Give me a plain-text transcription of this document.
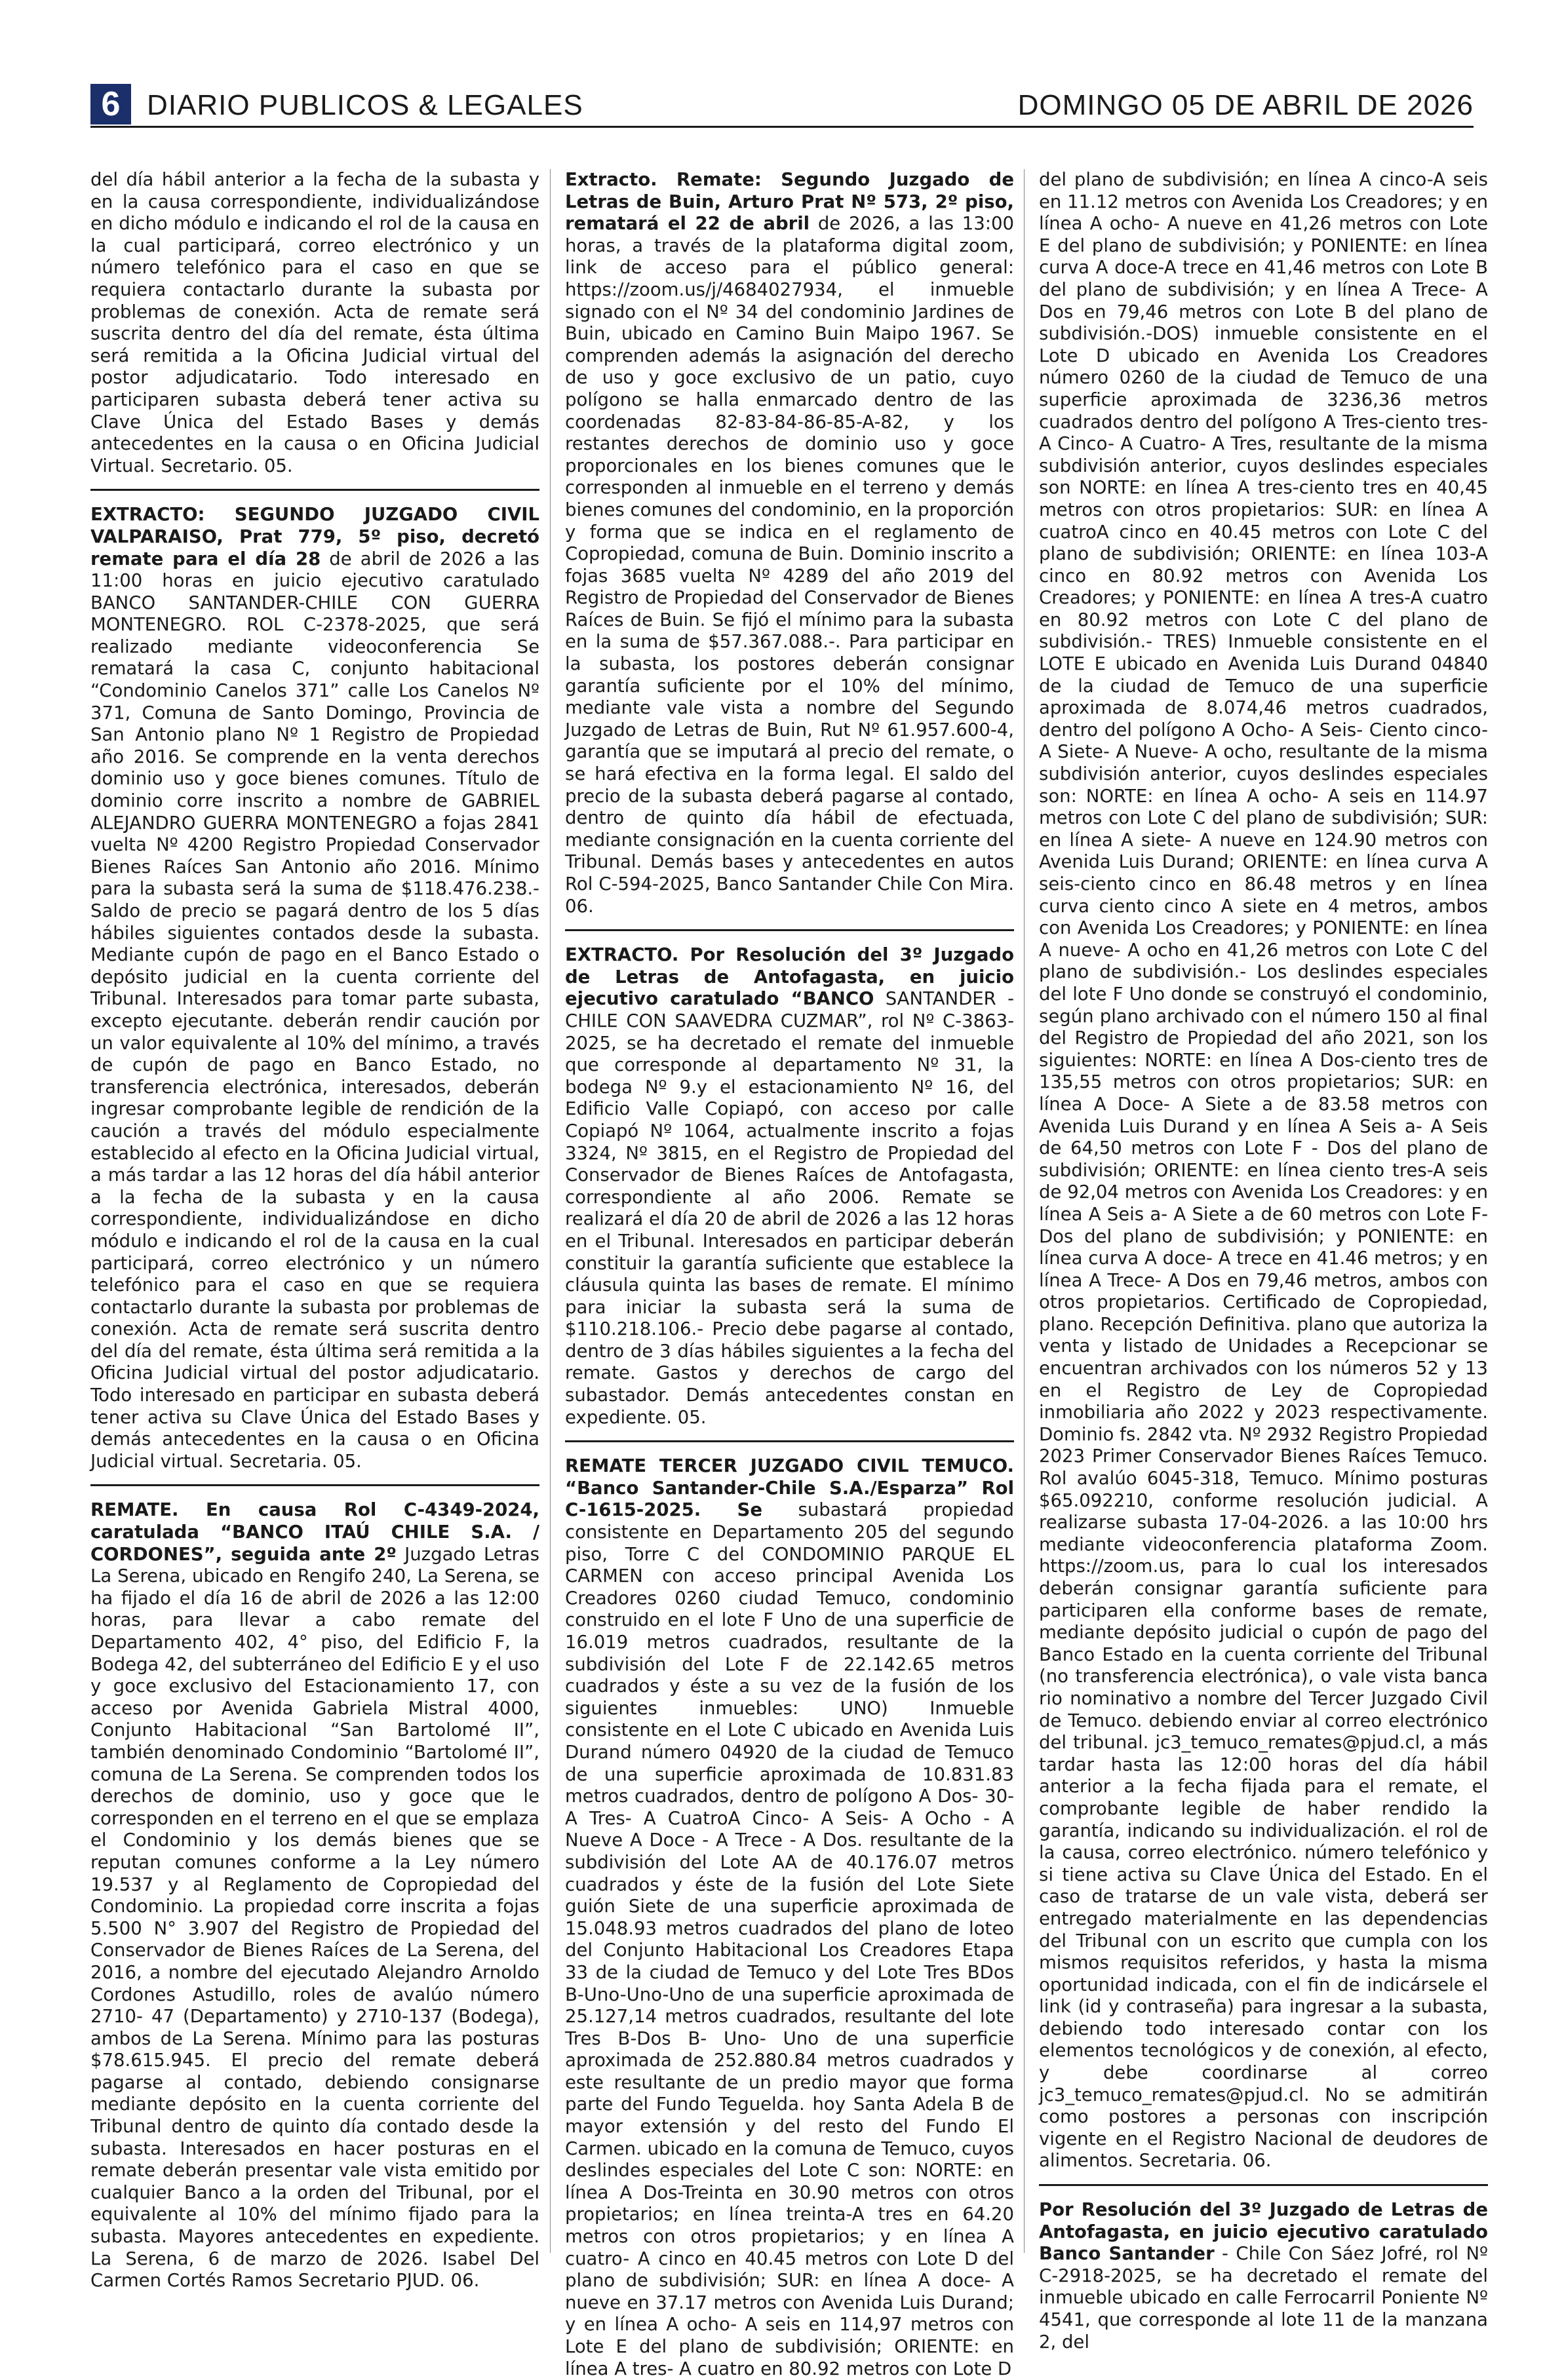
6 DIARIO PUBLICOS & LEGALES	DOMINGO 05 DE ABRIL DE 2026

del día hábil anterior a la fecha de la subasta y en la causa correspondiente, individualizándose en dicho módulo e indicando el rol de la causa en la cual participará, correo electrónico y un número telefónico para el caso en que se requiera contactarlo durante la subasta por problemas de conexión. Acta de remate será suscrita dentro del día del remate, ésta última será remitida a la Oficina Judicial virtual del postor adjudicatario. Todo interesado en participaren subasta deberá tener activa su Clave Única del Estado Bases y demás antecedentes en la causa o en Oficina Judicial Virtual. Secretario. 05.

EXTRACTO: SEGUNDO JUZGADO CIVIL VALPARAISO, Prat 779, 5º piso, decretó remate para el día 28 de abril de 2026 a las 11:00 horas en juicio ejecutivo caratulado BANCO SANTANDER-CHILE CON GUERRA MONTENEGRO. ROL C-2378-2025, que será realizado mediante videoconferencia Se rematará la casa C, conjunto habitacional “Condominio Canelos 371” calle Los Canelos Nº 371, Comuna de Santo Domingo, Provincia de San Antonio plano Nº 1 Registro de Propiedad año 2016. Se comprende en la venta derechos dominio uso y goce bienes comunes. Título de dominio corre inscrito a nombre de GABRIEL ALEJANDRO GUERRA MONTENEGRO a fojas 2841 vuelta Nº 4200 Registro Propiedad Conservador Bienes Raíces San Antonio año 2016. Mínimo para la subasta será la suma de $118.476.238.- Saldo de precio se pagará dentro de los 5 días hábiles siguientes contados desde la subasta. Mediante cupón de pago en el Banco Estado o depósito judicial en la cuenta corriente del Tribunal. Interesados para tomar parte subasta, excepto ejecutante. deberán rendir caución por un valor equivalente al 10% del mínimo, a través de cupón de pago en Banco Estado, no transferencia electrónica, interesados, deberán ingresar comprobante legible de rendición de la caución a través del módulo especialmente establecido al efecto en la Oficina Judicial virtual, a más tardar a las 12 horas del día hábil anterior a la fecha de la subasta y en la causa correspondiente, individualizándose en dicho módulo e indicando el rol de la causa en la cual participará, correo electrónico y un número telefónico para el caso en que se requiera contactarlo durante la subasta por problemas de conexión. Acta de remate será suscrita dentro del día del remate, ésta última será remitida a la Oficina Judicial virtual del postor adjudicatario. Todo interesado en participar en subasta deberá tener activa su Clave Única del Estado Bases y demás antecedentes en la causa o en Oficina Judicial virtual. Secretaria. 05.

REMATE. En causa Rol C-4349-2024, caratulada “BANCO ITAÚ CHILE S.A. / CORDONES”, seguida ante 2º Juzgado Letras La Serena, ubicado en Rengifo 240, La Serena, se ha fijado el día 16 de abril de 2026 a las 12:00 horas, para llevar a cabo remate del Departamento 402, 4° piso, del Edificio F, la Bodega 42, del subterráneo del Edificio E y el uso y goce exclusivo del Estacionamiento 17, con acceso por Avenida Gabriela Mistral 4000, Conjunto Habitacional “San Bartolomé II”, también denominado Condominio “Bartolomé II”, comuna de La Serena. Se comprenden todos los derechos de dominio, uso y goce que le corresponden en el terreno en el que se emplaza el Condominio y los demás bienes que se reputan comunes conforme a la Ley número 19.537 y al Reglamento de Copropiedad del Condominio. La propiedad corre inscrita a fojas 5.500 N° 3.907 del Registro de Propiedad del Conservador de Bienes Raíces de La Serena, del 2016, a nombre del ejecutado Alejandro Arnoldo Cordones Astudillo, roles de avalúo número 2710- 47 (Departamento) y 2710-137 (Bodega), ambos de La Serena. Mínimo para las posturas $78.615.945. El precio del remate deberá pagarse al contado, debiendo consignarse mediante depósito en la cuenta corriente del Tribunal dentro de quinto día contado desde la subasta. Interesados en hacer posturas en el remate deberán presentar vale vista emitido por cualquier Banco a la orden del Tribunal, por el equivalente al 10% del mínimo fijado para la subasta. Mayores antecedentes en expediente. La Serena, 6 de marzo de 2026. Isabel Del Carmen Cortés Ramos Secretario PJUD. 06.

Extracto. Remate: Segundo Juzgado de Letras de Buin, Arturo Prat Nº 573, 2º piso, rematará el 22 de abril de 2026, a las 13:00 horas, a través de la plataforma digital zoom, link de acceso para el público general: https://zoom.us/j/4684027934, el inmueble signado con el Nº 34 del condominio Jardines de Buin, ubicado en Camino Buin Maipo 1967. Se comprenden además la asignación del derecho de uso y goce exclusivo de un patio, cuyo polígono se halla enmarcado dentro de las coordenadas 82-83-84-86-85-A-82, y los restantes derechos de dominio uso y goce proporcionales en los bienes comunes que le corresponden al inmueble en el terreno y demás bienes comunes del condominio, en la proporción y forma que se indica en el reglamento de Copropiedad, comuna de Buin. Dominio inscrito a fojas 3685 vuelta Nº 4289 del año 2019 del Registro de Propiedad del Conservador de Bienes Raíces de Buin. Se fijó el mínimo para la subasta en la suma de $57.367.088.-. Para participar en la subasta, los postores deberán consignar garantía suficiente por el 10% del mínimo, mediante vale vista a nombre del Segundo Juzgado de Letras de Buin, Rut Nº 61.957.600-4, garantía que se imputará al precio del remate, o se hará efectiva en la forma legal. El saldo del precio de la subasta deberá pagarse al contado, dentro de quinto día hábil de efectuada, mediante consignación en la cuenta corriente del Tribunal. Demás bases y antecedentes en autos Rol C-594-2025, Banco Santander Chile Con Mira. 06.

EXTRACTO. Por Resolución del 3º Juzgado de Letras de Antofagasta, en juicio ejecutivo caratulado “BANCO SANTANDER -CHILE CON SAAVEDRA CUZMAR”, rol Nº C-3863-2025, se ha decretado el remate del inmueble que corresponde al departamento Nº 31, la bodega Nº 9.y el estacionamiento Nº 16, del Edificio Valle Copiapó, con acceso por calle Copiapó Nº 1064, actualmente inscrito a fojas 3324, Nº 3815, en el Registro de Propiedad del Conservador de Bienes Raíces de Antofagasta, correspondiente al año 2006. Remate se realizará el día 20 de abril de 2026 a las 12 horas en el Tribunal. Interesados en participar deberán constituir la garantía suficiente que establece la cláusula quinta las bases de remate. El mínimo para iniciar la subasta será la suma de $110.218.106.- Precio debe pagarse al contado, dentro de 3 días hábiles siguientes a la fecha del remate. Gastos y derechos de cargo del subastador. Demás antecedentes constan en expediente. 05.

REMATE TERCER JUZGADO CIVIL TEMUCO. “Banco Santander-Chile S.A./Esparza” Rol C-1615-2025. Se subastará propiedad consistente en Departamento 205 del segundo piso, Torre C del CONDOMINIO PARQUE EL CARMEN con acceso principal Avenida Los Creadores 0260 ciudad Temuco, condominio construido en el lote F Uno de una superficie de 16.019 metros cuadrados, resultante de la subdivisión del Lote F de 22.142.65 metros cuadrados y éste a su vez de la fusión de los siguientes inmuebles: UNO) Inmueble consistente en el Lote C ubicado en Avenida Luis Durand número 04920 de la ciudad de Temuco de una superficie aproximada de 10.831.83 metros cuadrados, dentro de polígono A Dos- 30- A Tres- A CuatroA Cinco- A Seis- A Ocho - A Nueve A Doce - A Trece - A Dos. resultante de la subdivisión del Lote AA de 40.176.07 metros cuadrados y éste de la fusión del Lote Siete guión Siete de una superficie aproximada de 15.048.93 metros cuadrados del plano de loteo del Conjunto Habitacional Los Creadores Etapa 33 de la ciudad de Temuco y del Lote Tres BDos B-Uno-Uno-Uno de una superficie aproximada de 25.127,14 metros cuadrados, resultante del lote Tres B-Dos B- Uno- Uno de una superficie aproximada de 252.880.84 metros cuadrados y este resultante de un predio mayor que forma parte del Fundo Teguelda. hoy Santa Adela B de mayor extensión y del resto del Fundo El Carmen. ubicado en la comuna de Temuco, cuyos deslindes especiales del Lote C son: NORTE: en línea A Dos-Treinta en 30.90 metros con otros propietarios; en línea treinta-A tres en 64.20 metros con otros propietarios; y en línea A cuatro- A cinco en 40.45 metros con Lote D del plano de subdivisión; SUR: en línea A doce- A nueve en 37.17 metros con Avenida Luis Durand; y en línea A ocho- A seis en 114,97 metros con Lote E del plano de subdivisión; ORIENTE: en línea A tres- A cuatro en 80.92 metros con Lote D

del plano de subdivisión; en línea A cinco-A seis en 11.12 metros con Avenida Los Creadores; y en línea A ocho- A nueve en 41,26 metros con Lote E del plano de subdivisión; y PONIENTE: en línea curva A doce-A trece en 41,46 metros con Lote B del plano de subdivisión; y en línea A Trece- A Dos en 79,46 metros con Lote B del plano de subdivisión.-DOS) inmueble consistente en el Lote D ubicado en Avenida Los Creadores número 0260 de la ciudad de Temuco de una superficie aproximada de 3236,36 metros cuadrados dentro del polígono A Tres-ciento tres- A Cinco- A Cuatro- A Tres, resultante de la misma subdivisión anterior, cuyos deslindes especiales son NORTE: en línea A tres-ciento tres en 40,45 metros con otros propietarios: SUR: en línea A cuatroA cinco en 40.45 metros con Lote C del plano de subdivisión; ORIENTE: en línea 103-A cinco en 80.92 metros con Avenida Los Creadores; y PONIENTE: en línea A tres-A cuatro en 80.92 metros con Lote C del plano de subdivisión.- TRES) Inmueble consistente en el LOTE E ubicado en Avenida Luis Durand 04840 de la ciudad de Temuco de una superficie aproximada de 8.074,46 metros cuadrados, dentro del polígono A Ocho- A Seis- Ciento cinco- A Siete- A Nueve- A ocho, resultante de la misma subdivisión anterior, cuyos deslindes especiales son: NORTE: en línea A ocho- A seis en 114.97 metros con Lote C del plano de subdivisión; SUR: en línea A siete- A nueve en 124.90 metros con Avenida Luis Durand; ORIENTE: en línea curva A seis-ciento cinco en 86.48 metros y en línea curva ciento cinco A siete en 4 metros, ambos con Avenida Los Creadores; y PONIENTE: en línea A nueve- A ocho en 41,26 metros con Lote C del plano de subdivisión.- Los deslindes especiales del lote F Uno donde se construyó el condominio, según plano archivado con el número 150 al final del Registro de Propiedad del año 2021, son los siguientes: NORTE: en línea A Dos-ciento tres de 135,55 metros con otros propietarios; SUR: en línea A Doce- A Siete a de 83.58 metros con Avenida Luis Durand y en línea A Seis a- A Seis de 64,50 metros con Lote F - Dos del plano de subdivisión; ORIENTE: en línea ciento tres-A seis de 92,04 metros con Avenida Los Creadores: y en línea A Seis a- A Siete a de 60 metros con Lote F-Dos del plano de subdivisión; y PONIENTE: en línea curva A doce- A trece en 41.46 metros; y en línea A Trece- A Dos en 79,46 metros, ambos con otros propietarios. Certificado de Copropiedad, plano. Recepción Definitiva. plano que autoriza la venta y listado de Unidades a Recepcionar se encuentran archivados con los números 52 y 13 en el Registro de Ley de Copropiedad inmobiliaria año 2022 y 2023 respectivamente. Dominio fs. 2842 vta. Nº 2932 Registro Propiedad 2023 Primer Conservador Bienes Raíces Temuco. Rol avalúo 6045-318, Temuco. Mínimo posturas $65.092210, conforme resolución judicial. A realizarse subasta 17-04-2026. a las 10:00 hrs mediante videoconferencia plataforma Zoom. https://zoom.us, para lo cual los interesados deberán consignar garantía suficiente para participaren ella conforme bases de remate, mediante depósito judicial o cupón de pago del Banco Estado en la cuenta corriente del Tribunal (no transferencia electrónica), o vale vista banca rio nominativo a nombre del Tercer Juzgado Civil de Temuco. debiendo enviar al correo electrónico del tribunal. jc3_temuco_remates@pjud.cl, a más tardar hasta las 12:00 horas del día hábil anterior a la fecha fijada para el remate, el comprobante legible de haber rendido la garantía, indicando su individualización. el rol de la causa, correo electrónico. número telefónico y si tiene activa su Clave Única del Estado. En el caso de tratarse de un vale vista, deberá ser entregado materialmente en las dependencias del Tribunal con un escrito que cumpla con los mismos requisitos referidos, y hasta la misma oportunidad indicada, con el fin de indicársele el link (id y contraseña) para ingresar a la subasta, debiendo todo interesado contar con los elementos tecnológicos y de conexión, al efecto, y debe coordinarse al correo jc3_temuco_remates@pjud.cl. No se admitirán como postores a personas con inscripción vigente en el Registro Nacional de deudores de alimentos. Secretaria. 06.

Por Resolución del 3º Juzgado de Letras de Antofagasta, en juicio ejecutivo caratulado Banco Santander - Chile Con Sáez Jofré, rol Nº C-2918-2025, se ha decretado el remate del inmueble ubicado en calle Ferrocarril Poniente Nº 4541, que corresponde al lote 11 de la manzana 2, del
